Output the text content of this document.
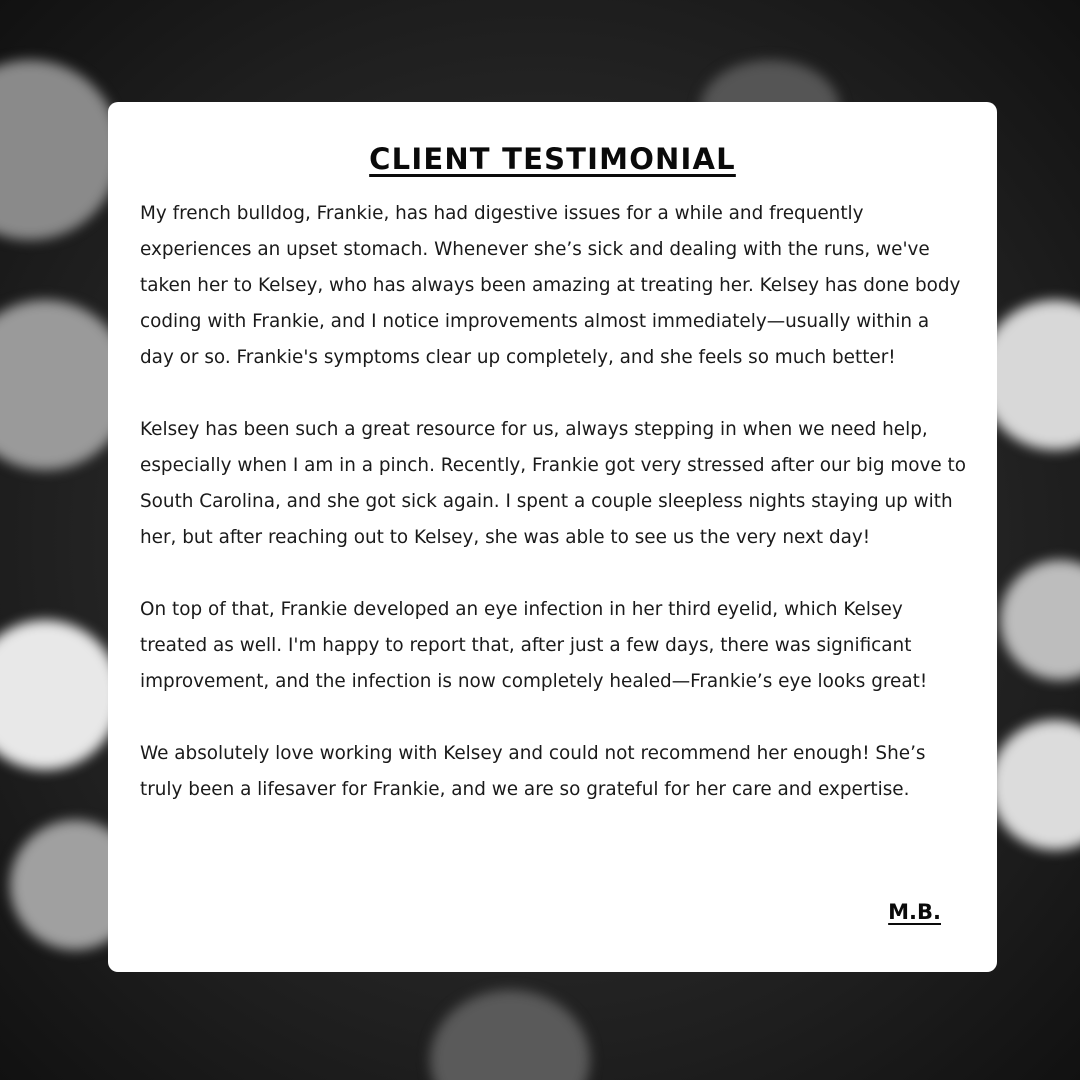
CLIENT TESTIMONIAL

My french bulldog, Frankie, has had digestive issues for a while and frequently experiences an upset stomach. Whenever she’s sick and dealing with the runs, we've taken her to Kelsey, who has always been amazing at treating her. Kelsey has done body coding with Frankie, and I notice improvements almost immediately—usually within a day or so. Frankie's symptoms clear up completely, and she feels so much better!

Kelsey has been such a great resource for us, always stepping in when we need help, especially when I am in a pinch. Recently, Frankie got very stressed after our big move to South Carolina, and she got sick again. I spent a couple sleepless nights staying up with her, but after reaching out to Kelsey, she was able to see us the very next day!

On top of that, Frankie developed an eye infection in her third eyelid, which Kelsey treated as well. I'm happy to report that, after just a few days, there was significant improvement, and the infection is now completely healed—Frankie’s eye looks great!

We absolutely love working with Kelsey and could not recommend her enough! She’s truly been a lifesaver for Frankie, and we are so grateful for her care and expertise.

M.B.
